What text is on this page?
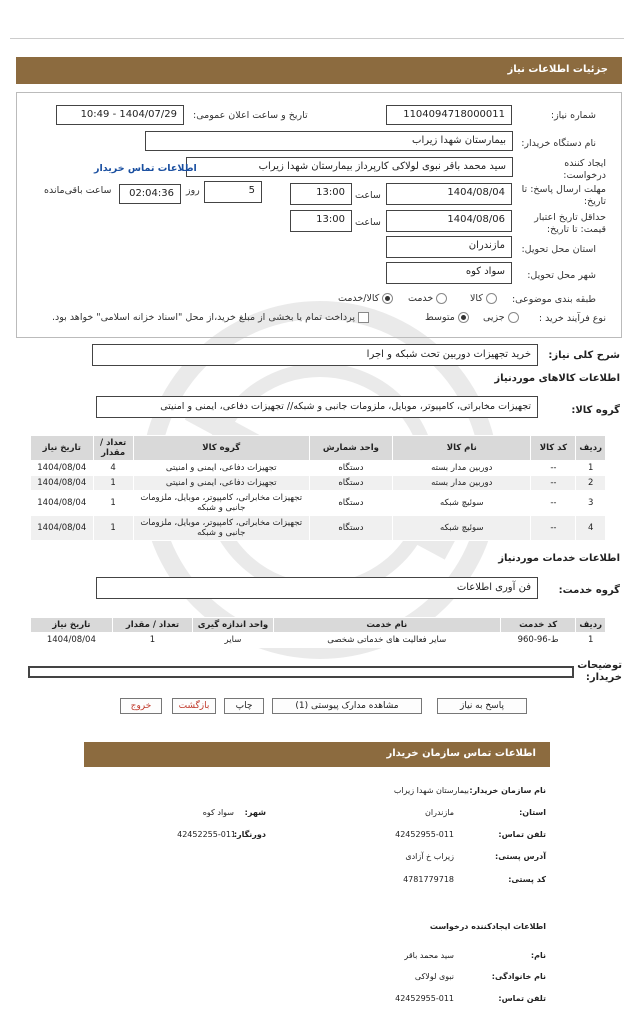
جزئیات اطلاعات نیاز
شماره نیاز:
1104094718000011
تاریخ و ساعت اعلان عمومی:
1404/07/29 - 10:49
نام دستگاه خریدار:
بیمارستان شهدا زیراب
ایجاد کننده درخواست:
سید محمد باقر نبوی لولاکی کارپرداز بیمارستان شهدا زیراب
اطلاعات تماس خریدار
مهلت ارسال پاسخ: تا تاریخ:
1404/08/04
ساعت
13:00
5
روز
02:04:36
ساعت باقی‌مانده
حداقل تاریخ اعتبار قیمت: تا تاریخ:
1404/08/06
ساعت
13:00
استان محل تحویل:
مازندران
شهر محل تحویل:
سواد کوه
طبقه بندی موضوعی:
کالا
خدمت
کالا/خدمت
نوع فرآیند خرید :
جزیی
متوسط
پرداخت تمام یا بخشی از مبلغ خرید،از محل "اسناد خزانه اسلامی" خواهد بود.
شرح کلی نیاز:
خرید تجهیزات دوربین تحت شبکه و اجرا
اطلاعات کالاهای موردنیاز
گروه کالا:
تجهیزات مخابراتی، کامپیوتر، موبایل، ملزومات جانبی و شبکه// تجهیزات دفاعی، ایمنی و امنیتی
ردیف	کد کالا	نام کالا	واحد شمارش	گروه کالا	تعداد / مقدار	تاریخ نیاز
1	--	دوربین مدار بسته	دستگاه	تجهیزات دفاعی، ایمنی و امنیتی	4	1404/08/04
2	--	دوربین مدار بسته	دستگاه	تجهیزات دفاعی، ایمنی و امنیتی	1	1404/08/04
3	--	سوئیچ شبکه	دستگاه	تجهیزات مخابراتی، کامپیوتر، موبایل، ملزومات جانبی و شبکه	1	1404/08/04
4	--	سوئیچ شبکه	دستگاه	تجهیزات مخابراتی، کامپیوتر، موبایل، ملزومات جانبی و شبکه	1	1404/08/04
اطلاعات خدمات موردنیاز
گروه خدمت:
فن آوری اطلاعات
ردیف	کد خدمت	نام خدمت	واحد اندازه گیری	تعداد / مقدار	تاریخ نیاز
1	ط-96-960	سایر فعالیت های خدماتی شخصی	سایر	1	1404/08/04
توضیحات خریدار:
پاسخ به نیاز
مشاهده مدارک پیوستی (1)
چاپ
بازگشت
خروج
اطلاعات تماس سازمان خریدار
نام سازمان خریدار:
بیمارستان شهدا زیراب
استان:
مازندران
شهر:
سواد کوه
تلفن تماس:
42452955-011
دورنگار:
42452255-011
آدرس پستی:
زیراب خ آزادی
کد پستی:
4781779718
اطلاعات ایجادکننده درخواست
نام:
سید محمد باقر
نام خانوادگی:
نبوی لولاکی
تلفن تماس:
42452955-011
